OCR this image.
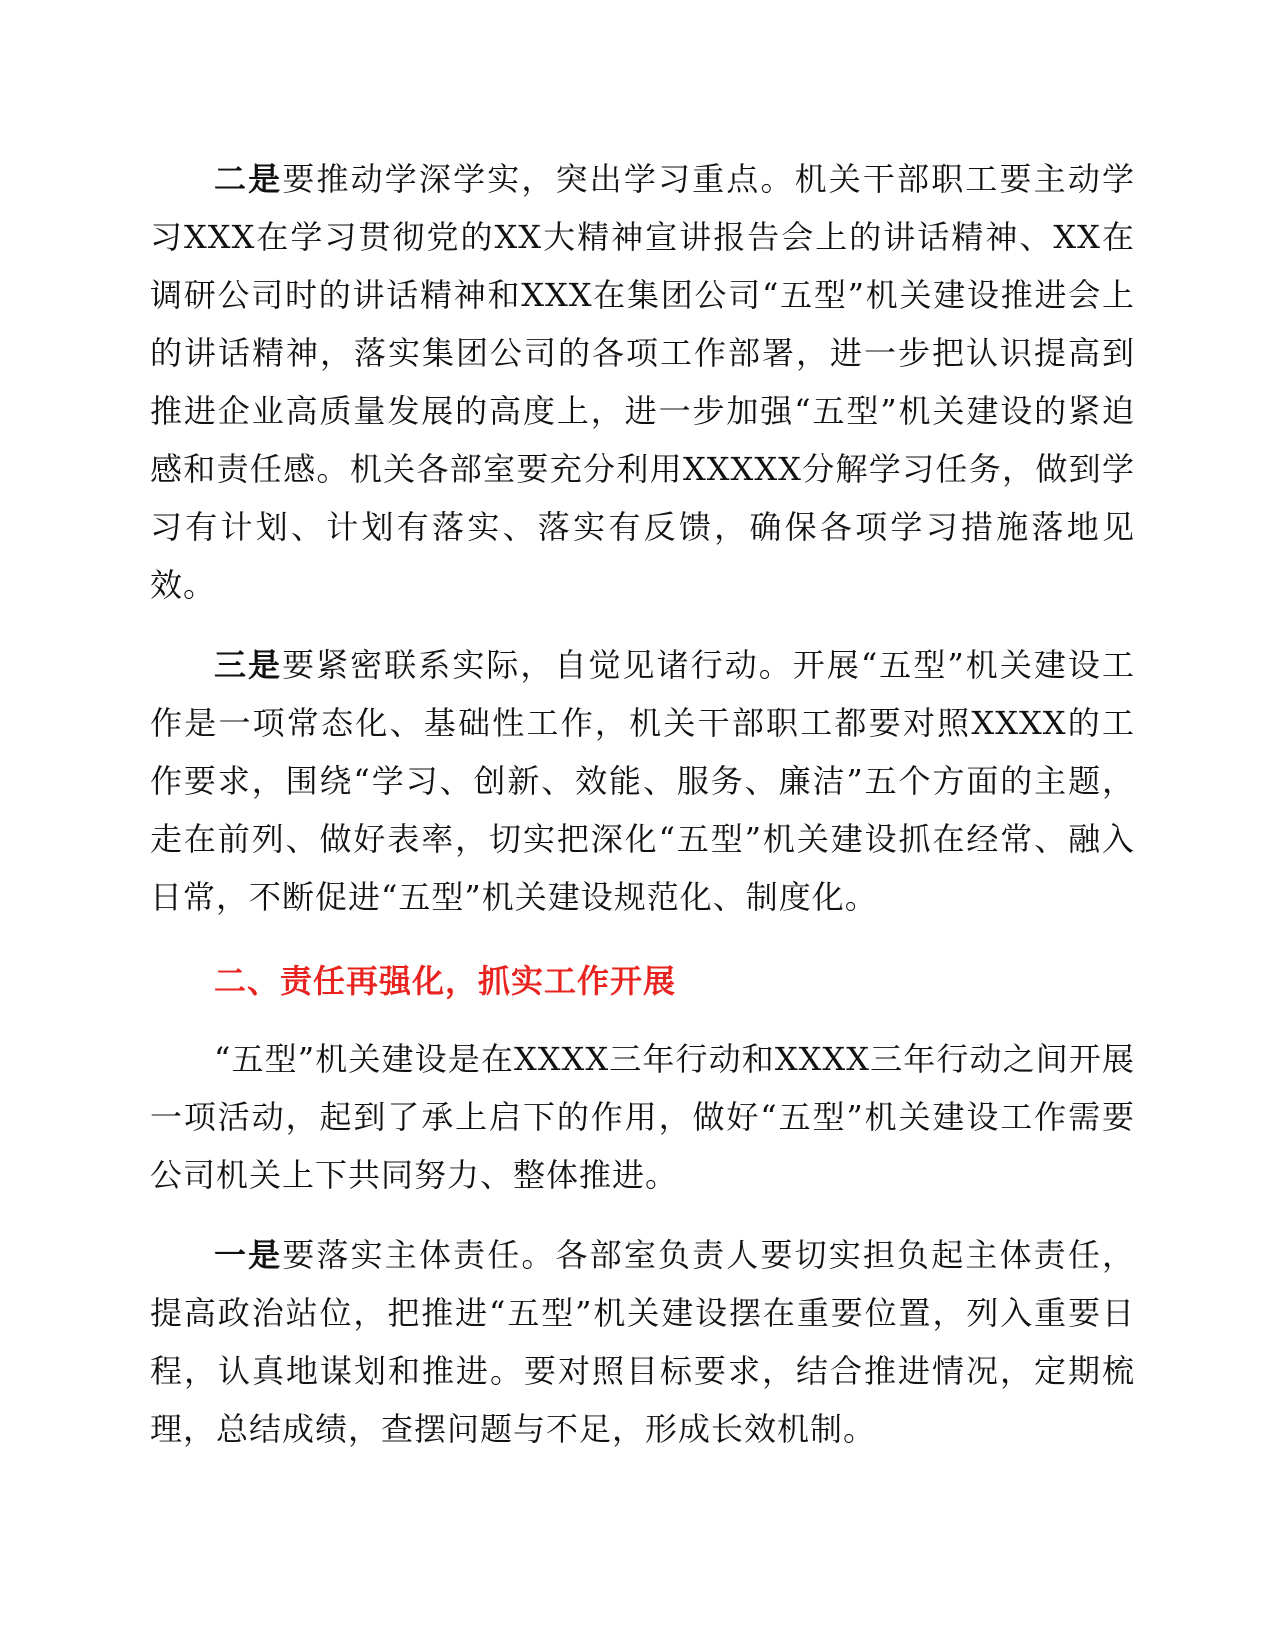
二是要推动学深学实，突出学习重点。机关干部职工要主动学习XXX在学习贯彻党的XX大精神宣讲报告会上的讲话精神、XX在调研公司时的讲话精神和XXX在集团公司“五型”机关建设推进会上的讲话精神，落实集团公司的各项工作部署，进一步把认识提高到推进企业高质量发展的高度上，进一步加强“五型”机关建设的紧迫感和责任感。机关各部室要充分利用XXXXX分解学习任务，做到学习有计划、计划有落实、落实有反馈，确保各项学习措施落地见效。

三是要紧密联系实际，自觉见诸行动。开展“五型”机关建设工作是一项常态化、基础性工作，机关干部职工都要对照XXXX的工作要求，围绕“学习、创新、效能、服务、廉洁”五个方面的主题，走在前列、做好表率，切实把深化“五型”机关建设抓在经常、融入日常，不断促进“五型”机关建设规范化、制度化。

二、责任再强化，抓实工作开展

“五型”机关建设是在XXXX三年行动和XXXX三年行动之间开展一项活动，起到了承上启下的作用，做好“五型”机关建设工作需要公司机关上下共同努力、整体推进。

一是要落实主体责任。各部室负责人要切实担负起主体责任，提高政治站位，把推进“五型”机关建设摆在重要位置，列入重要日程，认真地谋划和推进。要对照目标要求，结合推进情况，定期梳理，总结成绩，查摆问题与不足，形成长效机制。
